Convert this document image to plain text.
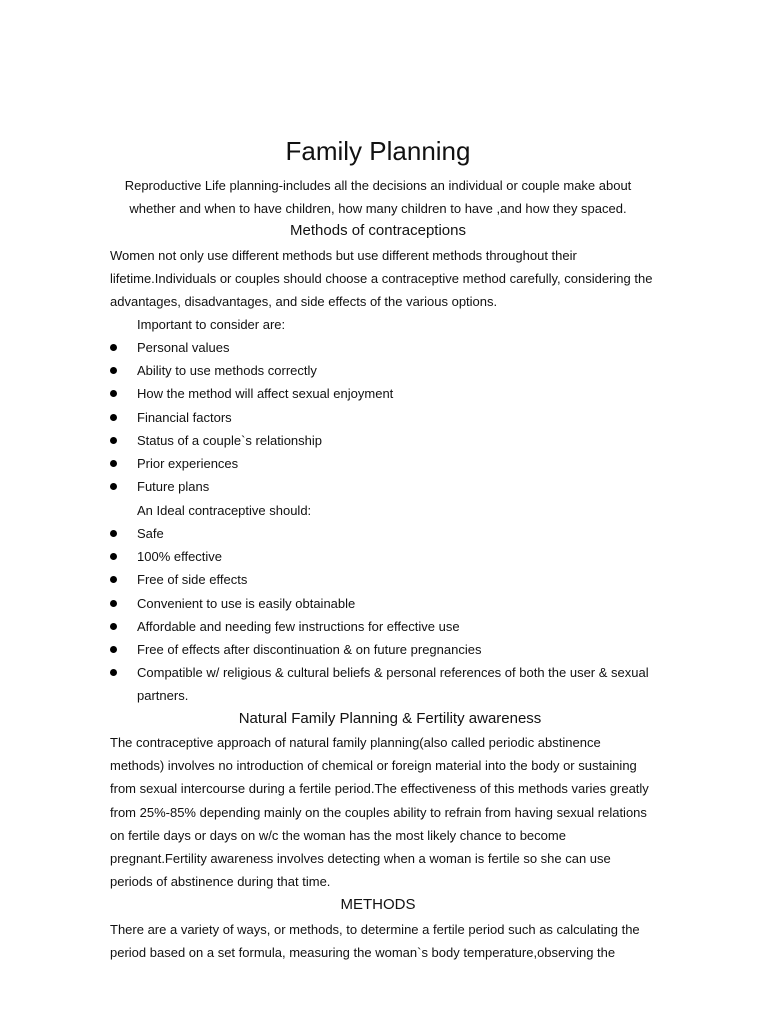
Family Planning
Reproductive Life planning-includes all the decisions an individual or couple make about
whether and when to have children, how many children to have ,and how they spaced.
Methods of contraceptions

Women not only use different methods but use different methods throughout their lifetime.Individuals or couples should choose a contraceptive method carefully, considering the advantages, disadvantages, and side effects of the various options.

Important to consider are:
Personal values
Ability to use methods correctly
How the method will affect sexual enjoyment
Financial factors
Status of a couple`s relationship
Prior experiences
Future plans
An Ideal contraceptive should:
Safe
100% effective
Free of side effects
Convenient to use is easily obtainable
Affordable and needing few instructions for effective use
Free of effects after discontinuation & on future pregnancies
Compatible w/ religious & cultural beliefs & personal references of both the user & sexual partners.
Natural Family Planning & Fertility awareness

The contraceptive approach of natural family planning(also called periodic abstinence methods) involves no introduction of chemical or foreign material into the body or sustaining from sexual intercourse during a fertile period.The effectiveness of this methods varies greatly from 25%-85% depending mainly on the couples ability to refrain from having sexual relations on fertile days or days on w/c the woman has the most likely chance to become pregnant.Fertility awareness involves detecting when a woman is fertile so she can use periods of abstinence during that time.

METHODS

There are a variety of ways, or methods, to determine a fertile period such as calculating the period based on a set formula, measuring the woman`s body temperature,observing the
